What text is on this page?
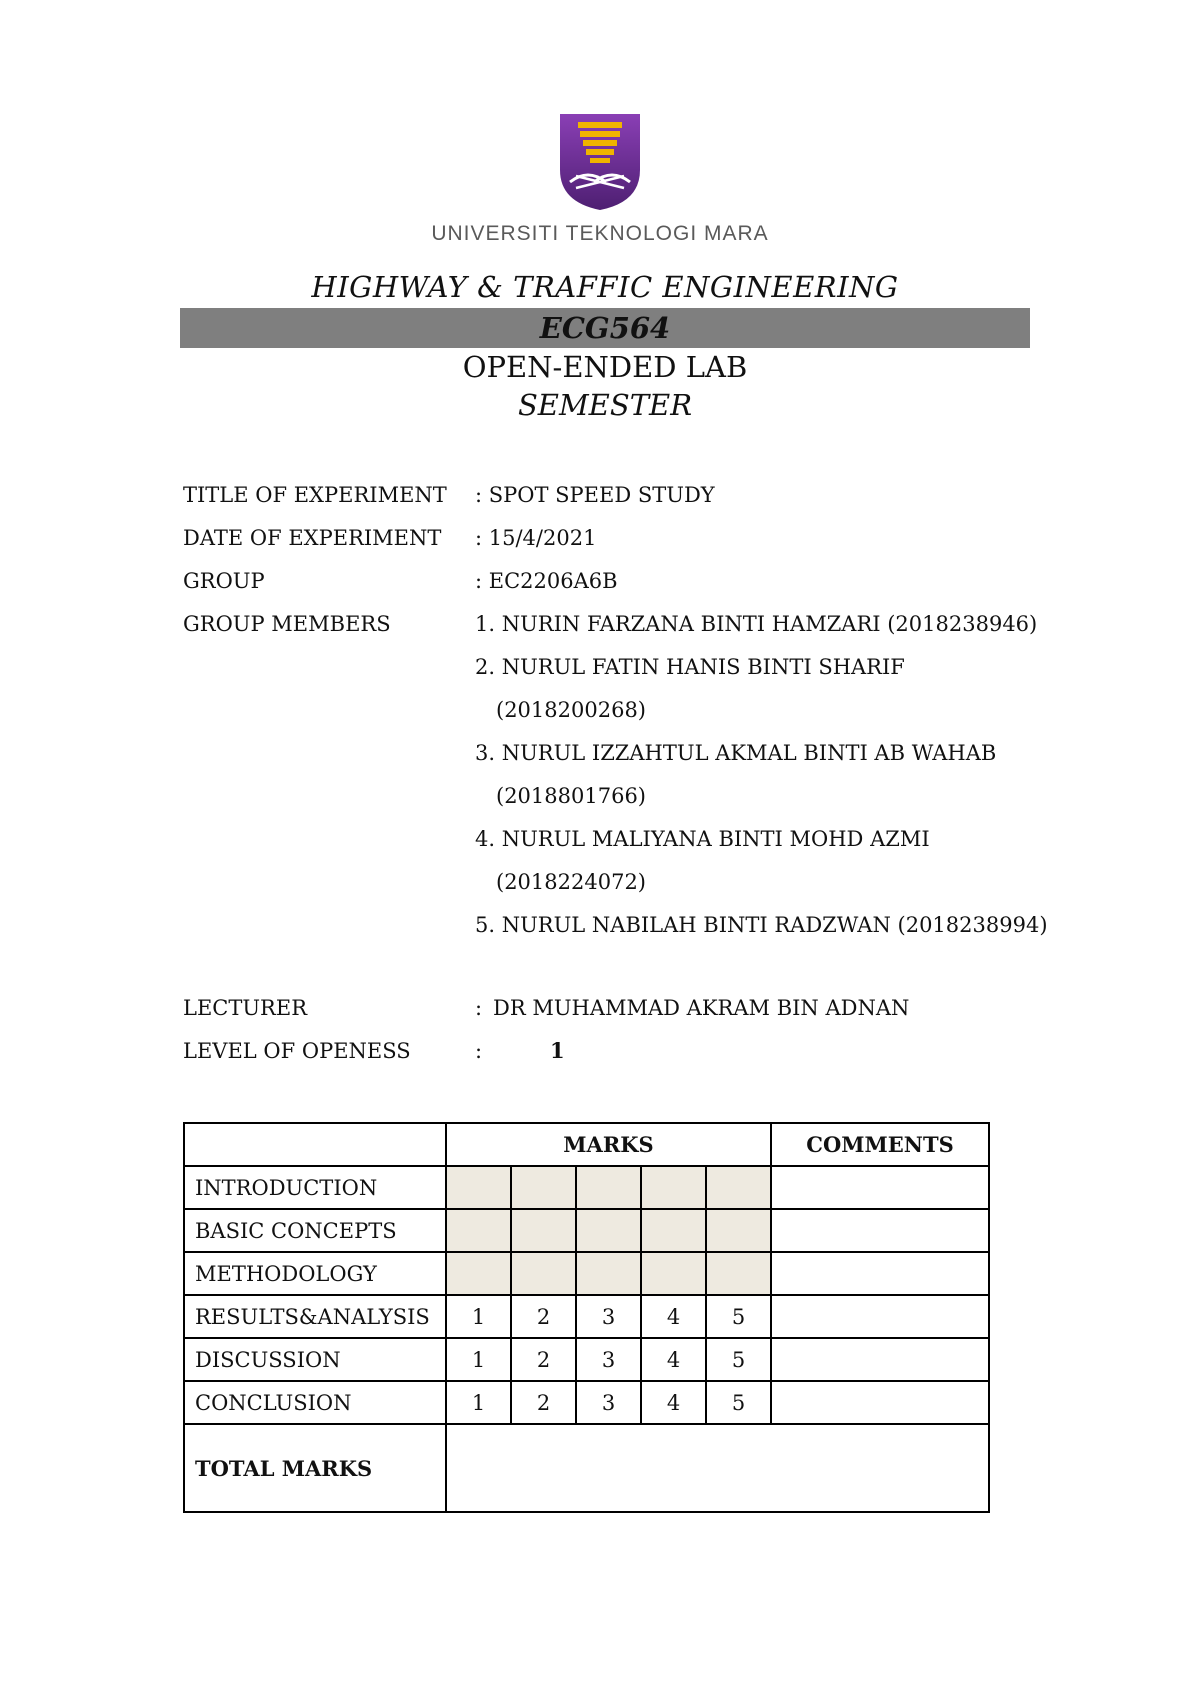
UNIVERSITI TEKNOLOGI MARA
HIGHWAY & TRAFFIC ENGINEERING
ECG564
OPEN-ENDED LAB
SEMESTER
TITLE OF EXPERIMENT : SPOT SPEED STUDY
DATE OF EXPERIMENT : 15/4/2021
GROUP	: EC2206A6B
GROUP MEMBERS	1. NURIN FARZANA BINTI HAMZARI (2018238946)
2. NURUL FATIN HANIS BINTI SHARIF
(2018200268)
3. NURUL IZZAHTUL AKMAL BINTI AB WAHAB
(2018801766)
4. NURUL MALIYANA BINTI MOHD AZMI
(2018224072)
5. NURUL NABILAH BINTI RADZWAN (2018238994)
LECTURER	: DR MUHAMMAD AKRAM BIN ADNAN
LEVEL OF OPENESS	:	1
	MARKS					COMMENTS
INTRODUCTION						
BASIC CONCEPTS						
METHODOLOGY						
RESULTS&ANALYSIS	1	2	3	4	5	
DISCUSSION	1	2	3	4	5	
CONCLUSION	1	2	3	4	5	
TOTAL MARKS						
